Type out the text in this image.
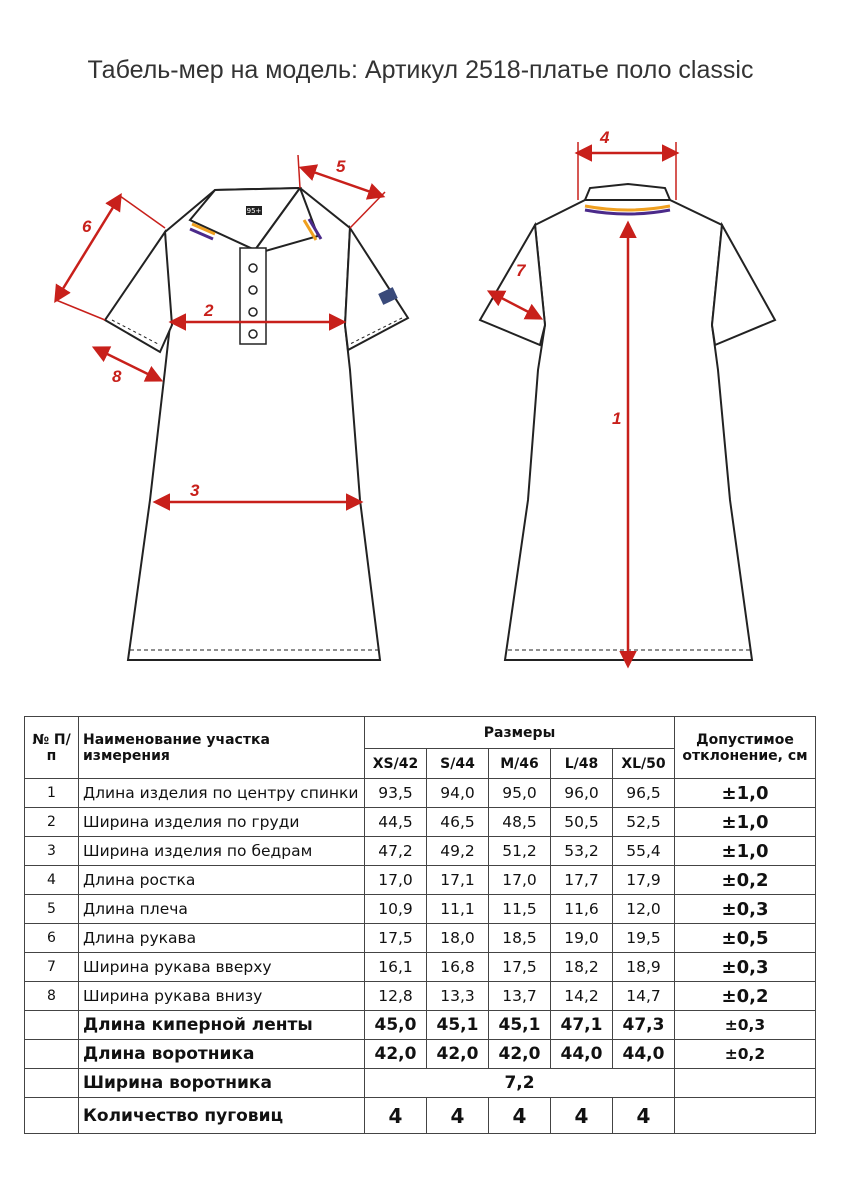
Табель-мер на модель: Артикул 2518-платье поло classic
95+
1
2
3
4
5
6
7
8
№ П/п	Наименование участка измерения	Размеры					Допустимое отклонение, см
		XS/42	S/44	M/46	L/48	XL/50	
1	Длина изделия по центру спинки	93,5	94,0	95,0	96,0	96,5	±1,0
2	Ширина изделия по груди	44,5	46,5	48,5	50,5	52,5	±1,0
3	Ширина изделия по бедрам	47,2	49,2	51,2	53,2	55,4	±1,0
4	Длина ростка	17,0	17,1	17,0	17,7	17,9	±0,2
5	Длина плеча	10,9	11,1	11,5	11,6	12,0	±0,3
6	Длина рукава	17,5	18,0	18,5	19,0	19,5	±0,5
7	Ширина рукава вверху	16,1	16,8	17,5	18,2	18,9	±0,3
8	Ширина рукава внизу	12,8	13,3	13,7	14,2	14,7	±0,2
	Длина киперной ленты	45,0	45,1	45,1	47,1	47,3	±0,3
	Длина воротника	42,0	42,0	42,0	44,0	44,0	±0,2
	Ширина воротника	7,2					
	Количество пуговиц	4	4	4	4	4	
